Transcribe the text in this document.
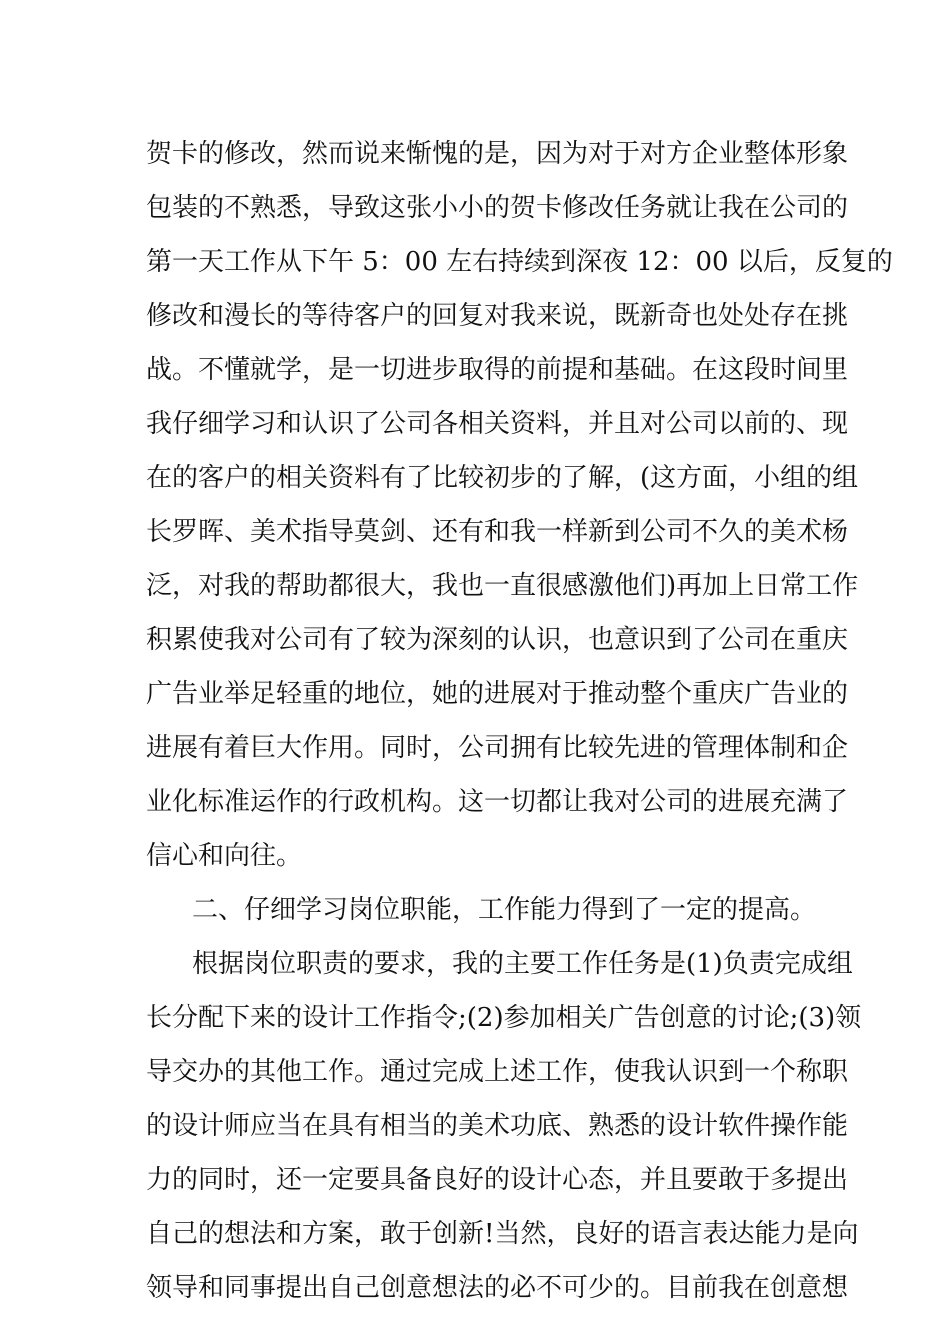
贺卡的修改，然而说来惭愧的是，因为对于对方企业整体形象
包装的不熟悉，导致这张小小的贺卡修改任务就让我在公司的
第一天工作从下午 5：00 左右持续到深夜 12：00 以后，反复的
修改和漫长的等待客户的回复对我来说，既新奇也处处存在挑
战。不懂就学，是一切进步取得的前提和基础。在这段时间里
我仔细学习和认识了公司各相关资料，并且对公司以前的、现
在的客户的相关资料有了比较初步的了解，(这方面，小组的组
长罗晖、美术指导莫剑、还有和我一样新到公司不久的美术杨
泛，对我的帮助都很大，我也一直很感激他们)再加上日常工作
积累使我对公司有了较为深刻的认识，也意识到了公司在重庆
广告业举足轻重的地位，她的进展对于推动整个重庆广告业的
进展有着巨大作用。同时，公司拥有比较先进的管理体制和企
业化标准运作的行政机构。这一切都让我对公司的进展充满了
信心和向往。
二、仔细学习岗位职能，工作能力得到了一定的提高。
根据岗位职责的要求，我的主要工作任务是(1)负责完成组
长分配下来的设计工作指令;(2)参加相关广告创意的讨论;(3)领
导交办的其他工作。通过完成上述工作，使我认识到一个称职
的设计师应当在具有相当的美术功底、熟悉的设计软件操作能
力的同时，还一定要具备良好的设计心态，并且要敢于多提出
自己的想法和方案，敢于创新!当然，良好的语言表达能力是向
领导和同事提出自己创意想法的必不可少的。目前我在创意想
